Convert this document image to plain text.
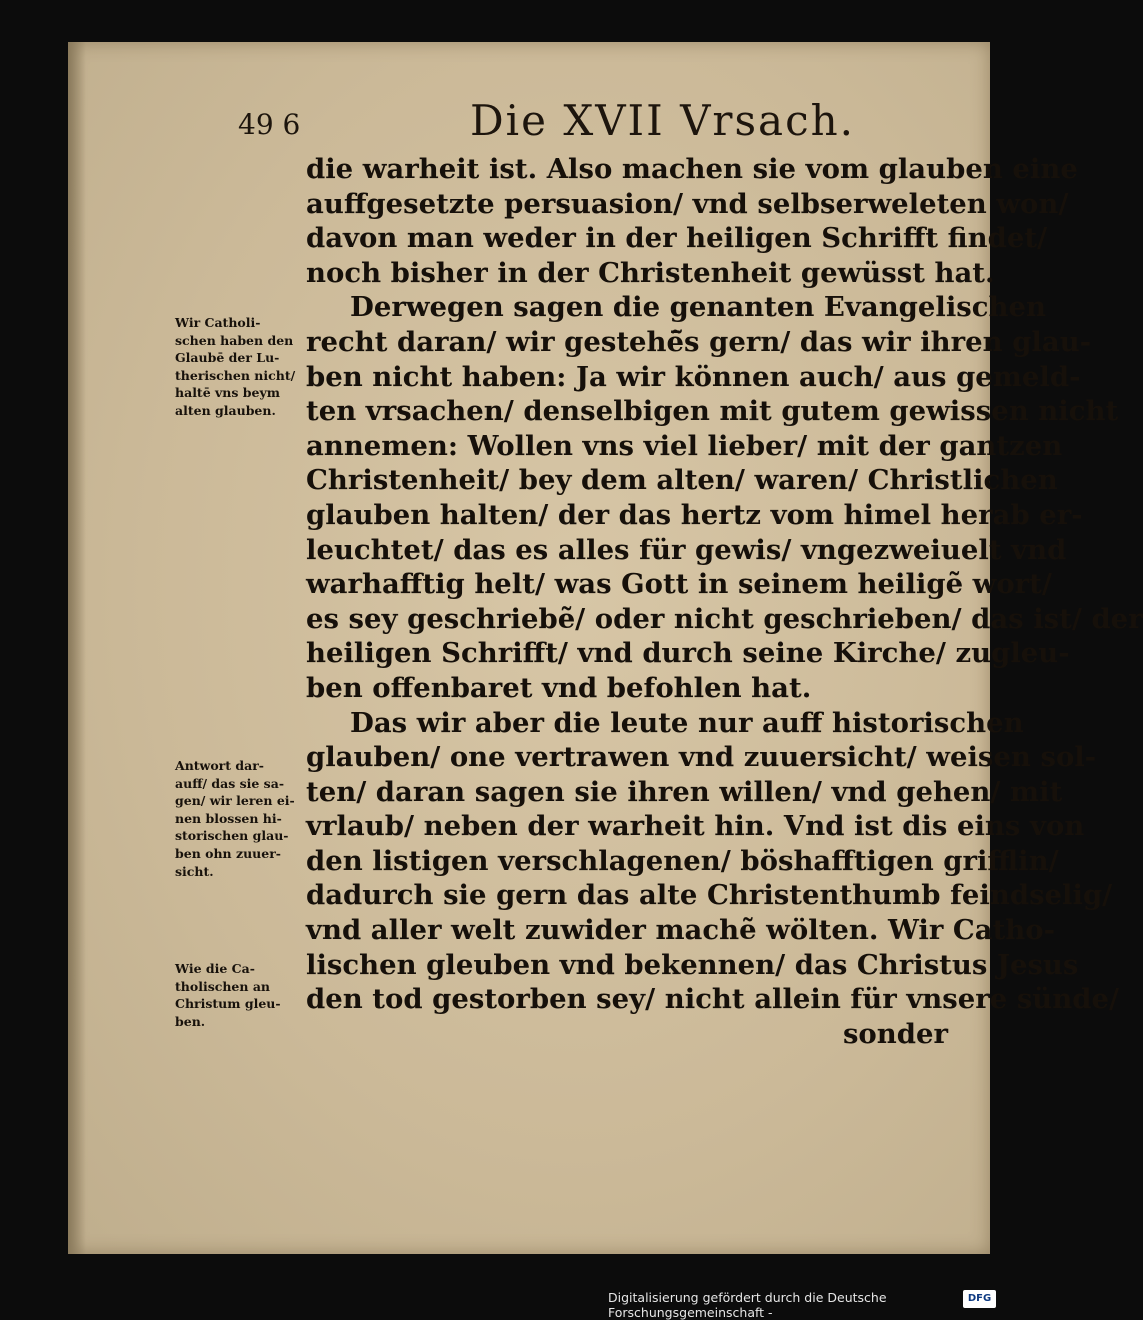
49 6	Die XVII Vrsach.
die warheit ist. Also machen sie vom glauben eine
auffgesetzte persuasion/ vnd selbserweleten won/
davon man weder in der heiligen Schrifft findet/
noch bisher in der Christenheit gewüsst hat.
Derwegen sagen die genanten Evangelischen
recht daran/ wir gestehē̃s gern/ das wir ihren glau-
ben nicht haben: Ja wir können auch/ aus gemeld-
ten vrsachen/ denselbigen mit gutem gewissen nicht
annemen: Wollen vns viel lieber/ mit der gantzen
Christenheit/ bey dem alten/ waren/ Christlichen
glauben halten/ der das hertz vom himel herab er-
leuchtet/ das es alles für gewis/ vngezweiuelt vnd
warhafftig helt/ was Gott in seinem heiligẽ wort/
es sey geschriebẽ/ oder nicht geschrieben/ das ist/ der
heiligen Schrifft/ vnd durch seine Kirche/ zugleu-
ben offenbaret vnd befohlen hat.
Das wir aber die leute nur auff historischen
glauben/ one vertrawen vnd zuuersicht/ weisen sol-
ten/ daran sagen sie ihren willen/ vnd gehen/ mit
vrlaub/ neben der warheit hin. Vnd ist dis eins von
den listigen verschlagenen/ böshafftigen grifflin/
dadurch sie gern das alte Christenthumb feindselig/
vnd aller welt zuwider machẽ wölten. Wir Catho-
lischen gleuben vnd bekennen/ das Christus Jesus
den tod gestorben sey/ nicht allein für vnsere sünde/
sonder
Wir Catholi-
schen haben den
Glaubē der Lu-
therischen nicht/
haltē vns beym
alten glauben.
Antwort dar-
auff/ das sie sa-
gen/ wir leren ei-
nen blossen hi-
storischen glau-
ben ohn zuuer-
sicht.
Wie die Ca-
tholischen an
Christum gleu-
ben.
Digitalisierung gefördert durch die Deutsche Forschungsgemeinschaft -
DFG
